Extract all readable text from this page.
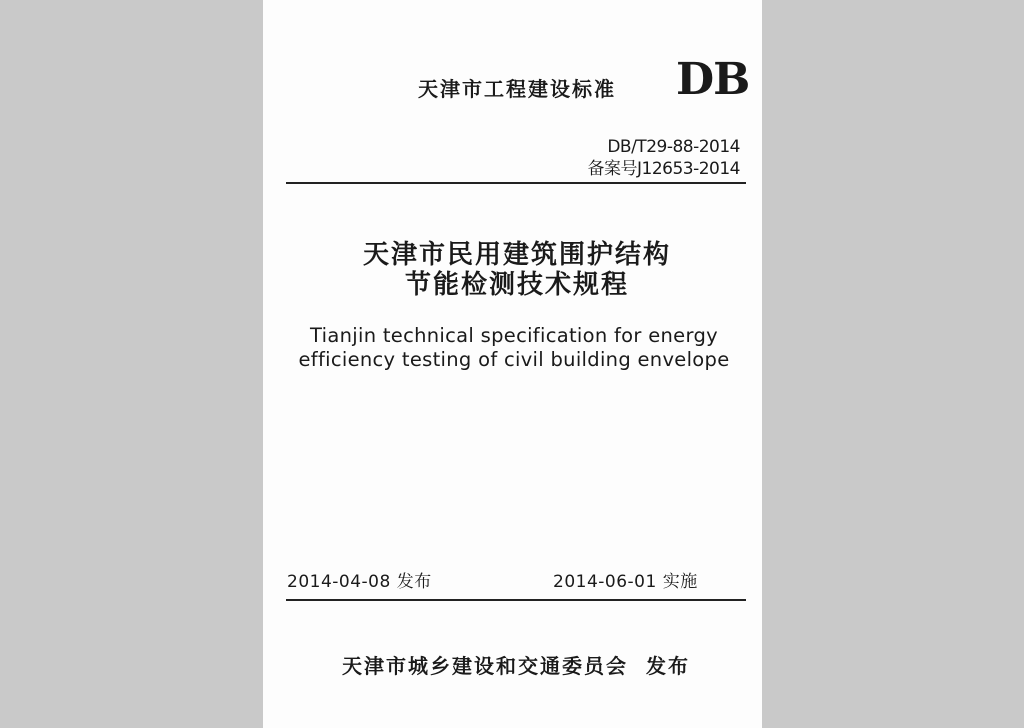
天津市工程建设标准 DB
DB/T29-88-2014
备案号J12653-2014
天津市民用建筑围护结构
节能检测技术规程
Tianjin technical specification for energy
efficiency testing of civil building envelope
2014-04-08 发布	2014-06-01 实施
天津市城乡建设和交通委员会  发布
